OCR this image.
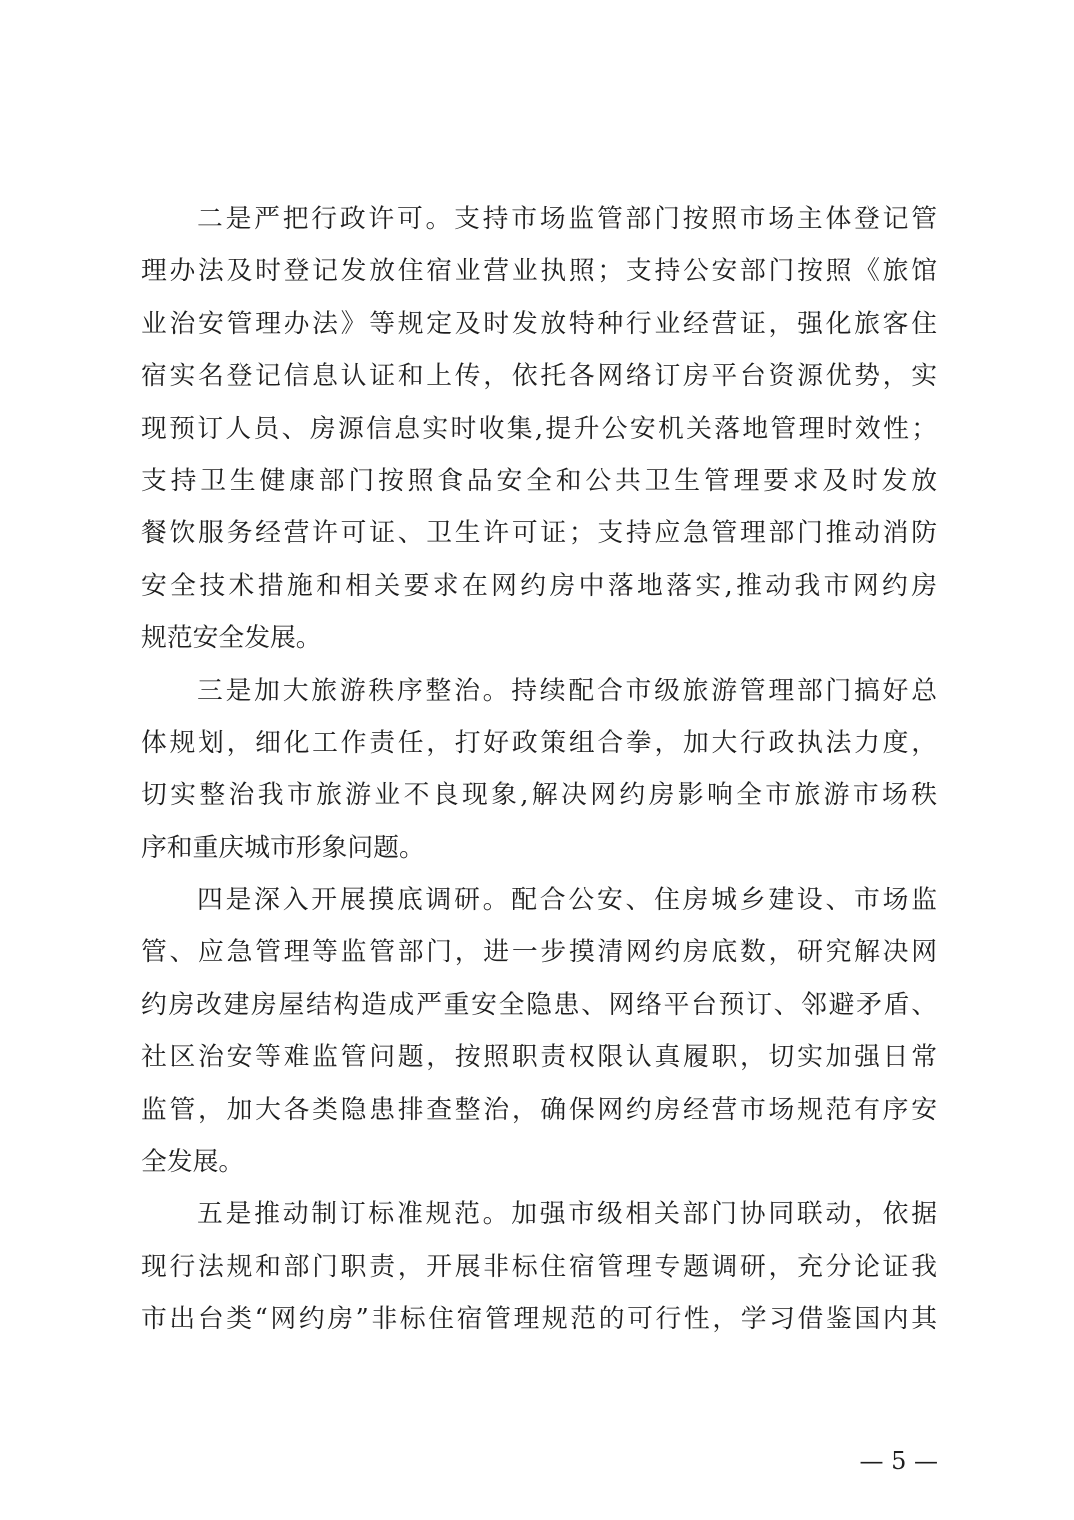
二是严把行政许可。支持市场监管部门按照市场主体登记管
理办法及时登记发放住宿业营业执照；支持公安部门按照《旅馆
业治安管理办法》等规定及时发放特种行业经营证，强化旅客住
宿实名登记信息认证和上传，依托各网络订房平台资源优势，实
现预订人员、房源信息实时收集,提升公安机关落地管理时效性；
支持卫生健康部门按照食品安全和公共卫生管理要求及时发放
餐饮服务经营许可证、卫生许可证；支持应急管理部门推动消防
安全技术措施和相关要求在网约房中落地落实,推动我市网约房
规范安全发展。
三是加大旅游秩序整治。持续配合市级旅游管理部门搞好总
体规划，细化工作责任，打好政策组合拳，加大行政执法力度，
切实整治我市旅游业不良现象,解决网约房影响全市旅游市场秩
序和重庆城市形象问题。
四是深入开展摸底调研。配合公安、住房城乡建设、市场监
管、应急管理等监管部门，进一步摸清网约房底数，研究解决网
约房改建房屋结构造成严重安全隐患、网络平台预订、邻避矛盾、
社区治安等难监管问题，按照职责权限认真履职，切实加强日常
监管，加大各类隐患排查整治，确保网约房经营市场规范有序安
全发展。
五是推动制订标准规范。加强市级相关部门协同联动，依据
现行法规和部门职责，开展非标住宿管理专题调研，充分论证我
市出台类“网约房”非标住宿管理规范的可行性，学习借鉴国内其
— 5 —
